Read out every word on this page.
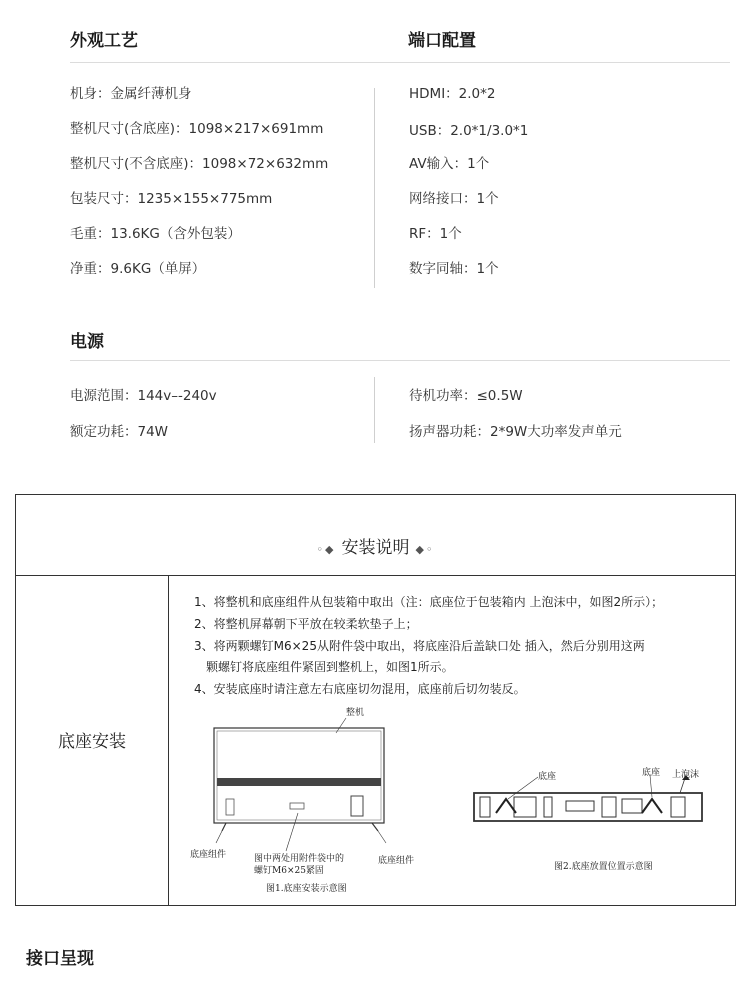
外观工艺	端口配置
机身：金属纤薄机身
整机尺寸(含底座)：1098×217×691mm
整机尺寸(不含底座)：1098×72×632mm
包装尺寸：1235×155×775mm
毛重：13.6KG（含外包装）
净重：9.6KG（单屏）
HDMI：2.0*2
USB：2.0*1/3.0*1
AV输入：1个
网络接口：1个
RF：1个
数字同轴：1个
电源
电源范围：144v–-240v
额定功耗：74W
待机功率：≤0.5W
扬声器功耗：2*9W大功率发声单元
◦◆ 安装说明 ◆◦
底座安装
1、将整机和底座组件从包装箱中取出（注：底座位于包装箱内 上泡沫中，如图2所示）；
2、将整机屏幕朝下平放在较柔软垫子上；
3、将两颗螺钉M6×25从附件袋中取出，将底座沿后盖缺口处 插入，然后分别用这两
颗螺钉将底座组件紧固到整机上，如图1所示。
4、安装底座时请注意左右底座切勿混用，底座前后切勿装反。
整机
底座组件	图中两处用附件袋中的
螺钉M6×25紧固
底座组件
图1.底座安装示意图
底座	底座 上泡沫
图2.底座放置位置示意图
接口呈现
